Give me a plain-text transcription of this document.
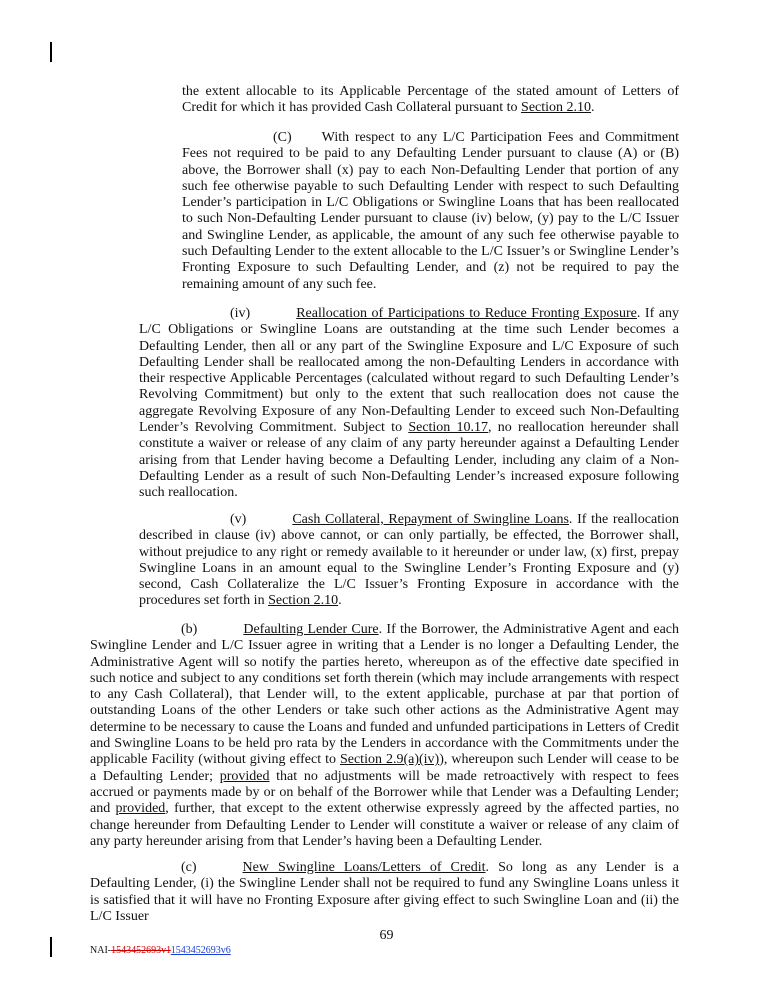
the extent allocable to its Applicable Percentage of the stated amount of Letters of Credit for which it has provided Cash Collateral pursuant to Section 2.10.

(C) With respect to any L/C Participation Fees and Commitment Fees not required to be paid to any Defaulting Lender pursuant to clause (A) or (B) above, the Borrower shall (x) pay to each Non-Defaulting Lender that portion of any such fee otherwise payable to such Defaulting Lender with respect to such Defaulting Lender’s participation in L/C Obligations or Swingline Loans that has been reallocated to such Non-Defaulting Lender pursuant to clause (iv) below, (y) pay to the L/C Issuer and Swingline Lender, as applicable, the amount of any such fee otherwise payable to such Defaulting Lender to the extent allocable to the L/C Issuer’s or Swingline Lender’s Fronting Exposure to such Defaulting Lender, and (z) not be required to pay the remaining amount of any such fee.

(iv)	Reallocation of Participations to Reduce Fronting Exposure. If any L/C Obligations or Swingline Loans are outstanding at the time such Lender becomes a Defaulting Lender, then all or any part of the Swingline Exposure and L/C Exposure of such Defaulting Lender shall be reallocated among the non-Defaulting Lenders in accordance with their respective Applicable Percentages (calculated without regard to such Defaulting Lender’s Revolving Commitment) but only to the extent that such reallocation does not cause the aggregate Revolving Exposure of any Non-Defaulting Lender to exceed such Non-Defaulting Lender’s Revolving Commitment. Subject to Section 10.17, no reallocation hereunder shall constitute a waiver or release of any claim of any party hereunder against a Defaulting Lender arising from that Lender having become a Defaulting Lender, including any claim of a Non-Defaulting Lender as a result of such Non-Defaulting Lender’s increased exposure following such reallocation.

(v)	Cash Collateral, Repayment of Swingline Loans. If the reallocation described in clause (iv) above cannot, or can only partially, be effected, the Borrower shall, without prejudice to any right or remedy available to it hereunder or under law, (x) first, prepay Swingline Loans in an amount equal to the Swingline Lender’s Fronting Exposure and (y) second, Cash Collateralize the L/C Issuer’s Fronting Exposure in accordance with the procedures set forth in Section 2.10.

(b)	Defaulting Lender Cure. If the Borrower, the Administrative Agent and each Swingline Lender and L/C Issuer agree in writing that a Lender is no longer a Defaulting Lender, the Administrative Agent will so notify the parties hereto, whereupon as of the effective date specified in such notice and subject to any conditions set forth therein (which may include arrangements with respect to any Cash Collateral), that Lender will, to the extent applicable, purchase at par that portion of outstanding Loans of the other Lenders or take such other actions as the Administrative Agent may determine to be necessary to cause the Loans and funded and unfunded participations in Letters of Credit and Swingline Loans to be held pro rata by the Lenders in accordance with the Commitments under the applicable Facility (without giving effect to Section 2.9(a)(iv)), whereupon such Lender will cease to be a Defaulting Lender; provided that no adjustments will be made retroactively with respect to fees accrued or payments made by or on behalf of the Borrower while that Lender was a Defaulting Lender; and provided, further, that except to the extent otherwise expressly agreed by the affected parties, no change hereunder from Defaulting Lender to Lender will constitute a waiver or release of any claim of any party hereunder arising from that Lender’s having been a Defaulting Lender.

(c)	New Swingline Loans/Letters of Credit. So long as any Lender is a Defaulting Lender, (i) the Swingline Lender shall not be required to fund any Swingline Loans unless it is satisfied that it will have no Fronting Exposure after giving effect to such Swingline Loan and (ii) the L/C Issuer

69
NAI-1543452693v11543452693v6
